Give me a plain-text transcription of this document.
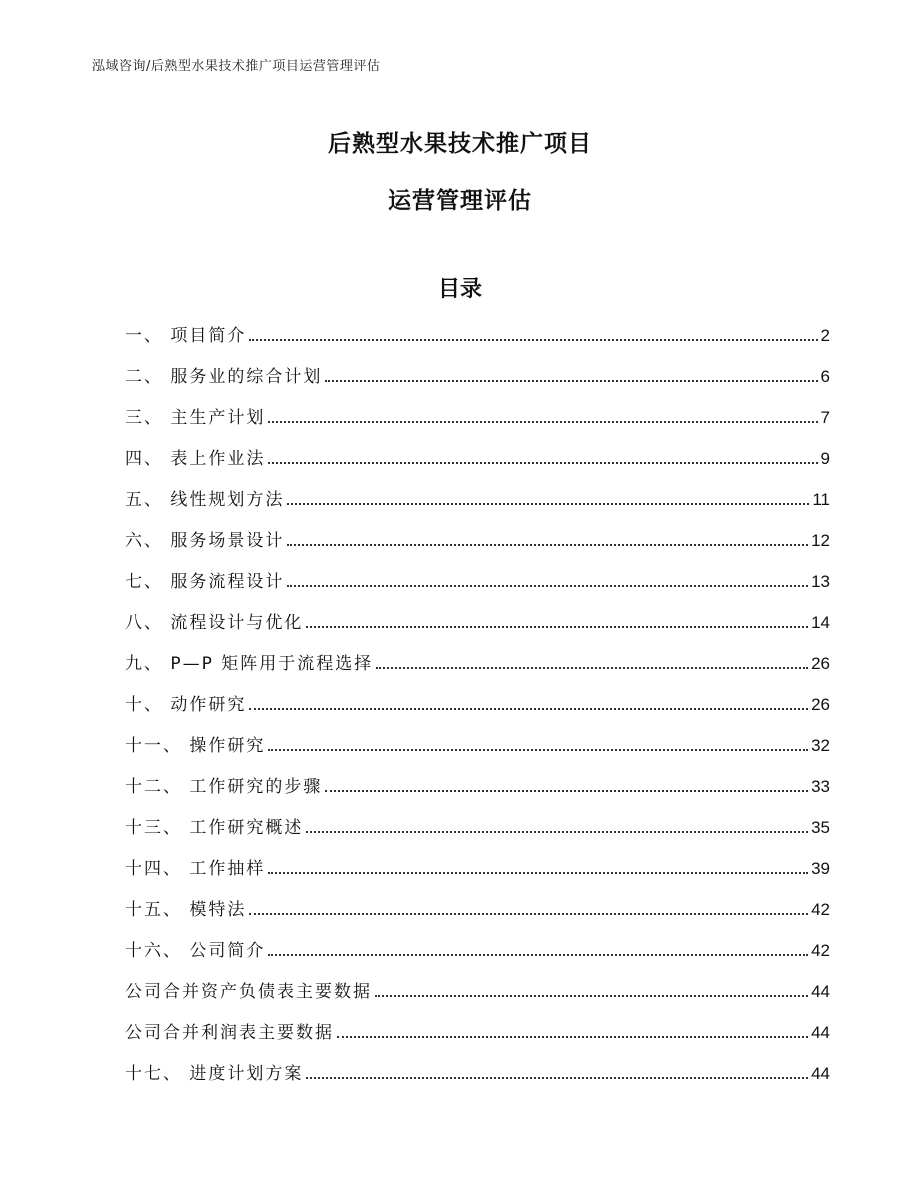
泓域咨询/后熟型水果技术推广项目运营管理评估
后熟型水果技术推广项目
运营管理评估
目录
一、 项目简介	2
二、 服务业的综合计划	6
三、 主生产计划	7
四、 表上作业法	9
五、 线性规划方法	11
六、 服务场景设计	12
七、 服务流程设计	13
八、 流程设计与优化	14
九、 P—P 矩阵用于流程选择	26
十、 动作研究	26
十一、 操作研究	32
十二、 工作研究的步骤	33
十三、 工作研究概述	35
十四、 工作抽样	39
十五、 模特法	42
十六、 公司简介	42
公司合并资产负债表主要数据	44
公司合并利润表主要数据	44
十七、 进度计划方案	44
